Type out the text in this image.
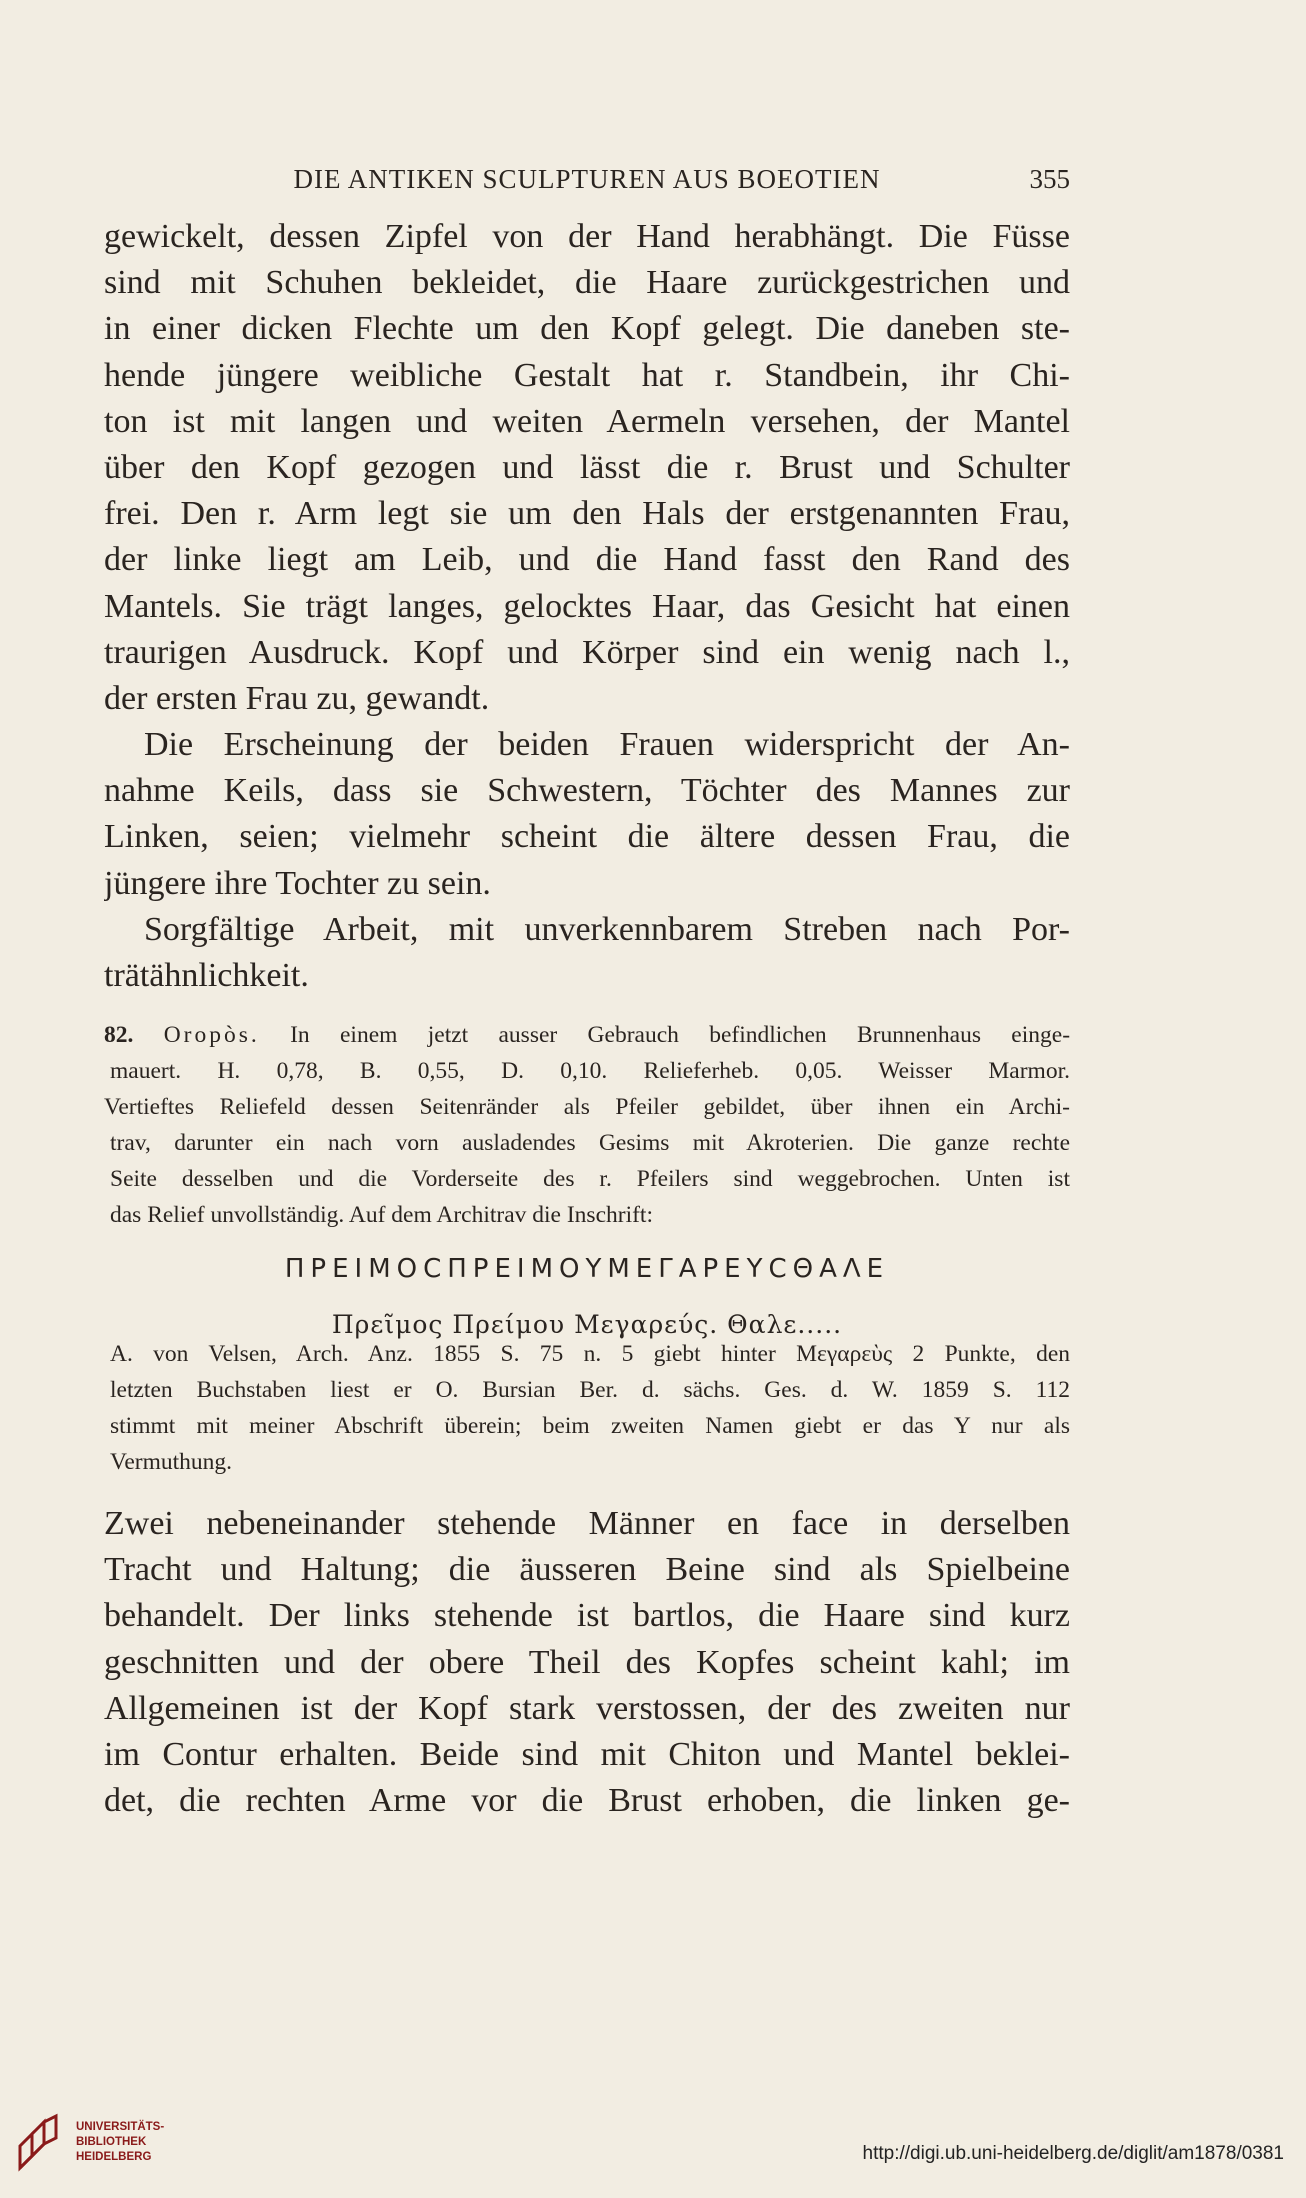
DIE ANTIKEN SCULPTUREN AUS BOEOTIEN	355
gewickelt, dessen Zipfel von der Hand herabhängt. Die Füsse
sind mit Schuhen bekleidet, die Haare zurückgestrichen und
in einer dicken Flechte um den Kopf gelegt. Die daneben ste-
hende jüngere weibliche Gestalt hat r. Standbein, ihr Chi-
ton ist mit langen und weiten Aermeln versehen, der Mantel
über den Kopf gezogen und lässt die r. Brust und Schulter
frei. Den r. Arm legt sie um den Hals der erstgenannten Frau,
der linke liegt am Leib, und die Hand fasst den Rand des
Mantels. Sie trägt langes, gelocktes Haar, das Gesicht hat einen
traurigen Ausdruck. Kopf und Körper sind ein wenig nach l.,
der ersten Frau zu, gewandt.
Die Erscheinung der beiden Frauen widerspricht der An-
nahme Keils, dass sie Schwestern, Töchter des Mannes zur
Linken, seien; vielmehr scheint die ältere dessen Frau, die
jüngere ihre Tochter zu sein.
Sorgfältige Arbeit, mit unverkennbarem Streben nach Por-
trätähnlichkeit.
82. Oropòs. In einem jetzt ausser Gebrauch befindlichen Brunnenhaus einge-
mauert. H. 0,78, B. 0,55, D. 0,10. Relieferheb. 0,05. Weisser Marmor.
Vertieftes Reliefeld dessen Seitenränder als Pfeiler gebildet, über ihnen ein Archi-
trav, darunter ein nach vorn ausladendes Gesims mit Akroterien. Die ganze rechte
Seite desselben und die Vorderseite des r. Pfeilers sind weggebrochen. Unten ist
das Relief unvollständig. Auf dem Architrav die Inschrift:
ΠΡΕΙΜΟϹΠΡΕΙΜΟΥΜΕΓΑΡΕΥϹΘΑΛΕ
Πρεῖμος Πρείμου Μεγαρεύς. Θαλε.....
A. von Velsen, Arch. Anz. 1855 S. 75 n. 5 giebt hinter Μεγαρεὺς 2 Punkte, den
letzten Buchstaben liest er O. Bursian Ber. d. sächs. Ges. d. W. 1859 S. 112
stimmt mit meiner Abschrift überein; beim zweiten Namen giebt er das Y nur als
Vermuthung.
Zwei nebeneinander stehende Männer en face in derselben
Tracht und Haltung; die äusseren Beine sind als Spielbeine
behandelt. Der links stehende ist bartlos, die Haare sind kurz
geschnitten und der obere Theil des Kopfes scheint kahl; im
Allgemeinen ist der Kopf stark verstossen, der des zweiten nur
im Contur erhalten. Beide sind mit Chiton und Mantel beklei-
det, die rechten Arme vor die Brust erhoben, die linken ge-
UNIVERSITÄTS-
BIBLIOTHEK
HEIDELBERG	http://digi.ub.uni-heidelberg.de/diglit/am1878/0381
